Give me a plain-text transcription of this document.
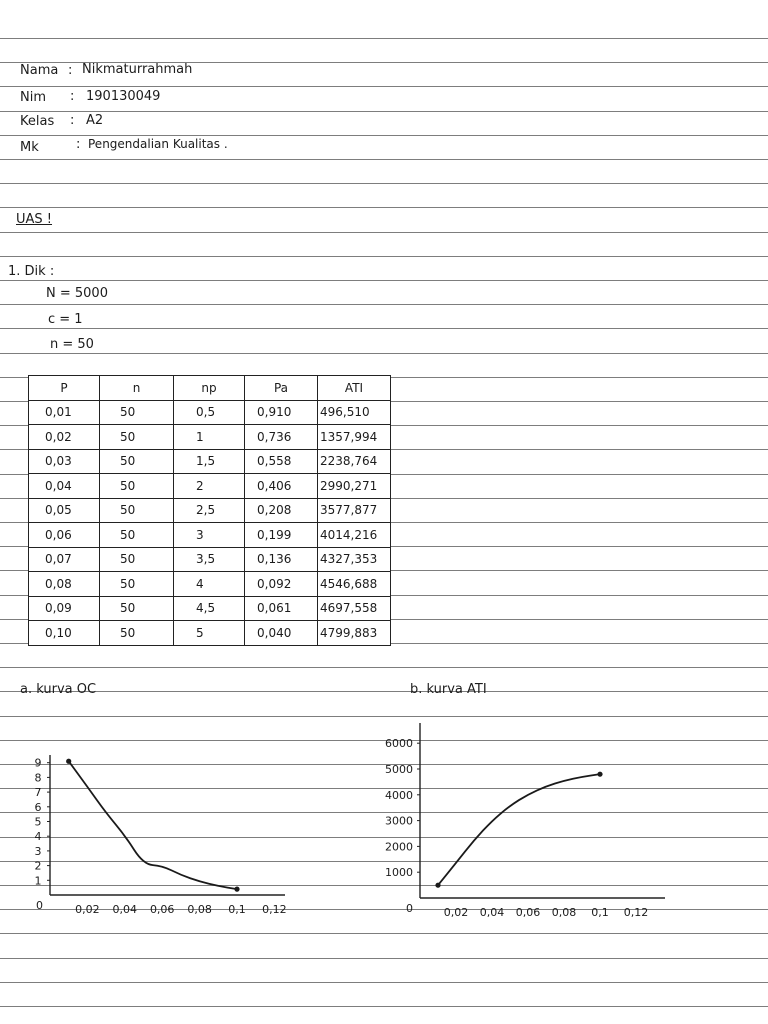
Nama : Nikmaturrahmah
Nim : 190130049
Kelas : A2
Mk	: Pengendalian Kualitas .
UAS !
1. Dik :
N = 5000
c = 1
n = 50
P	n	np	Pa	ATI
0,01	50	0,5	0,910	496,510
0,02	50	1	0,736	1357,994
0,03	50	1,5	0,558	2238,764
0,04	50	2	0,406	2990,271
0,05	50	2,5	0,208	3577,877
0,06	50	3	0,199	4014,216
0,07	50	3,5	0,136	4327,353
0,08	50	4	0,092	4546,688
0,09	50	4,5	0,061	4697,558
0,10	50	5	0,040	4799,883
a. kurva OC	b. kurva ATI
0	0,02 0,04 0,06 0,08 0,1 0,12
1
2
3
4
5
6
7
8
9
0	0,02 0,04 0,06 0,08 0,1 0,12
1000
2000
3000
4000
5000
6000
